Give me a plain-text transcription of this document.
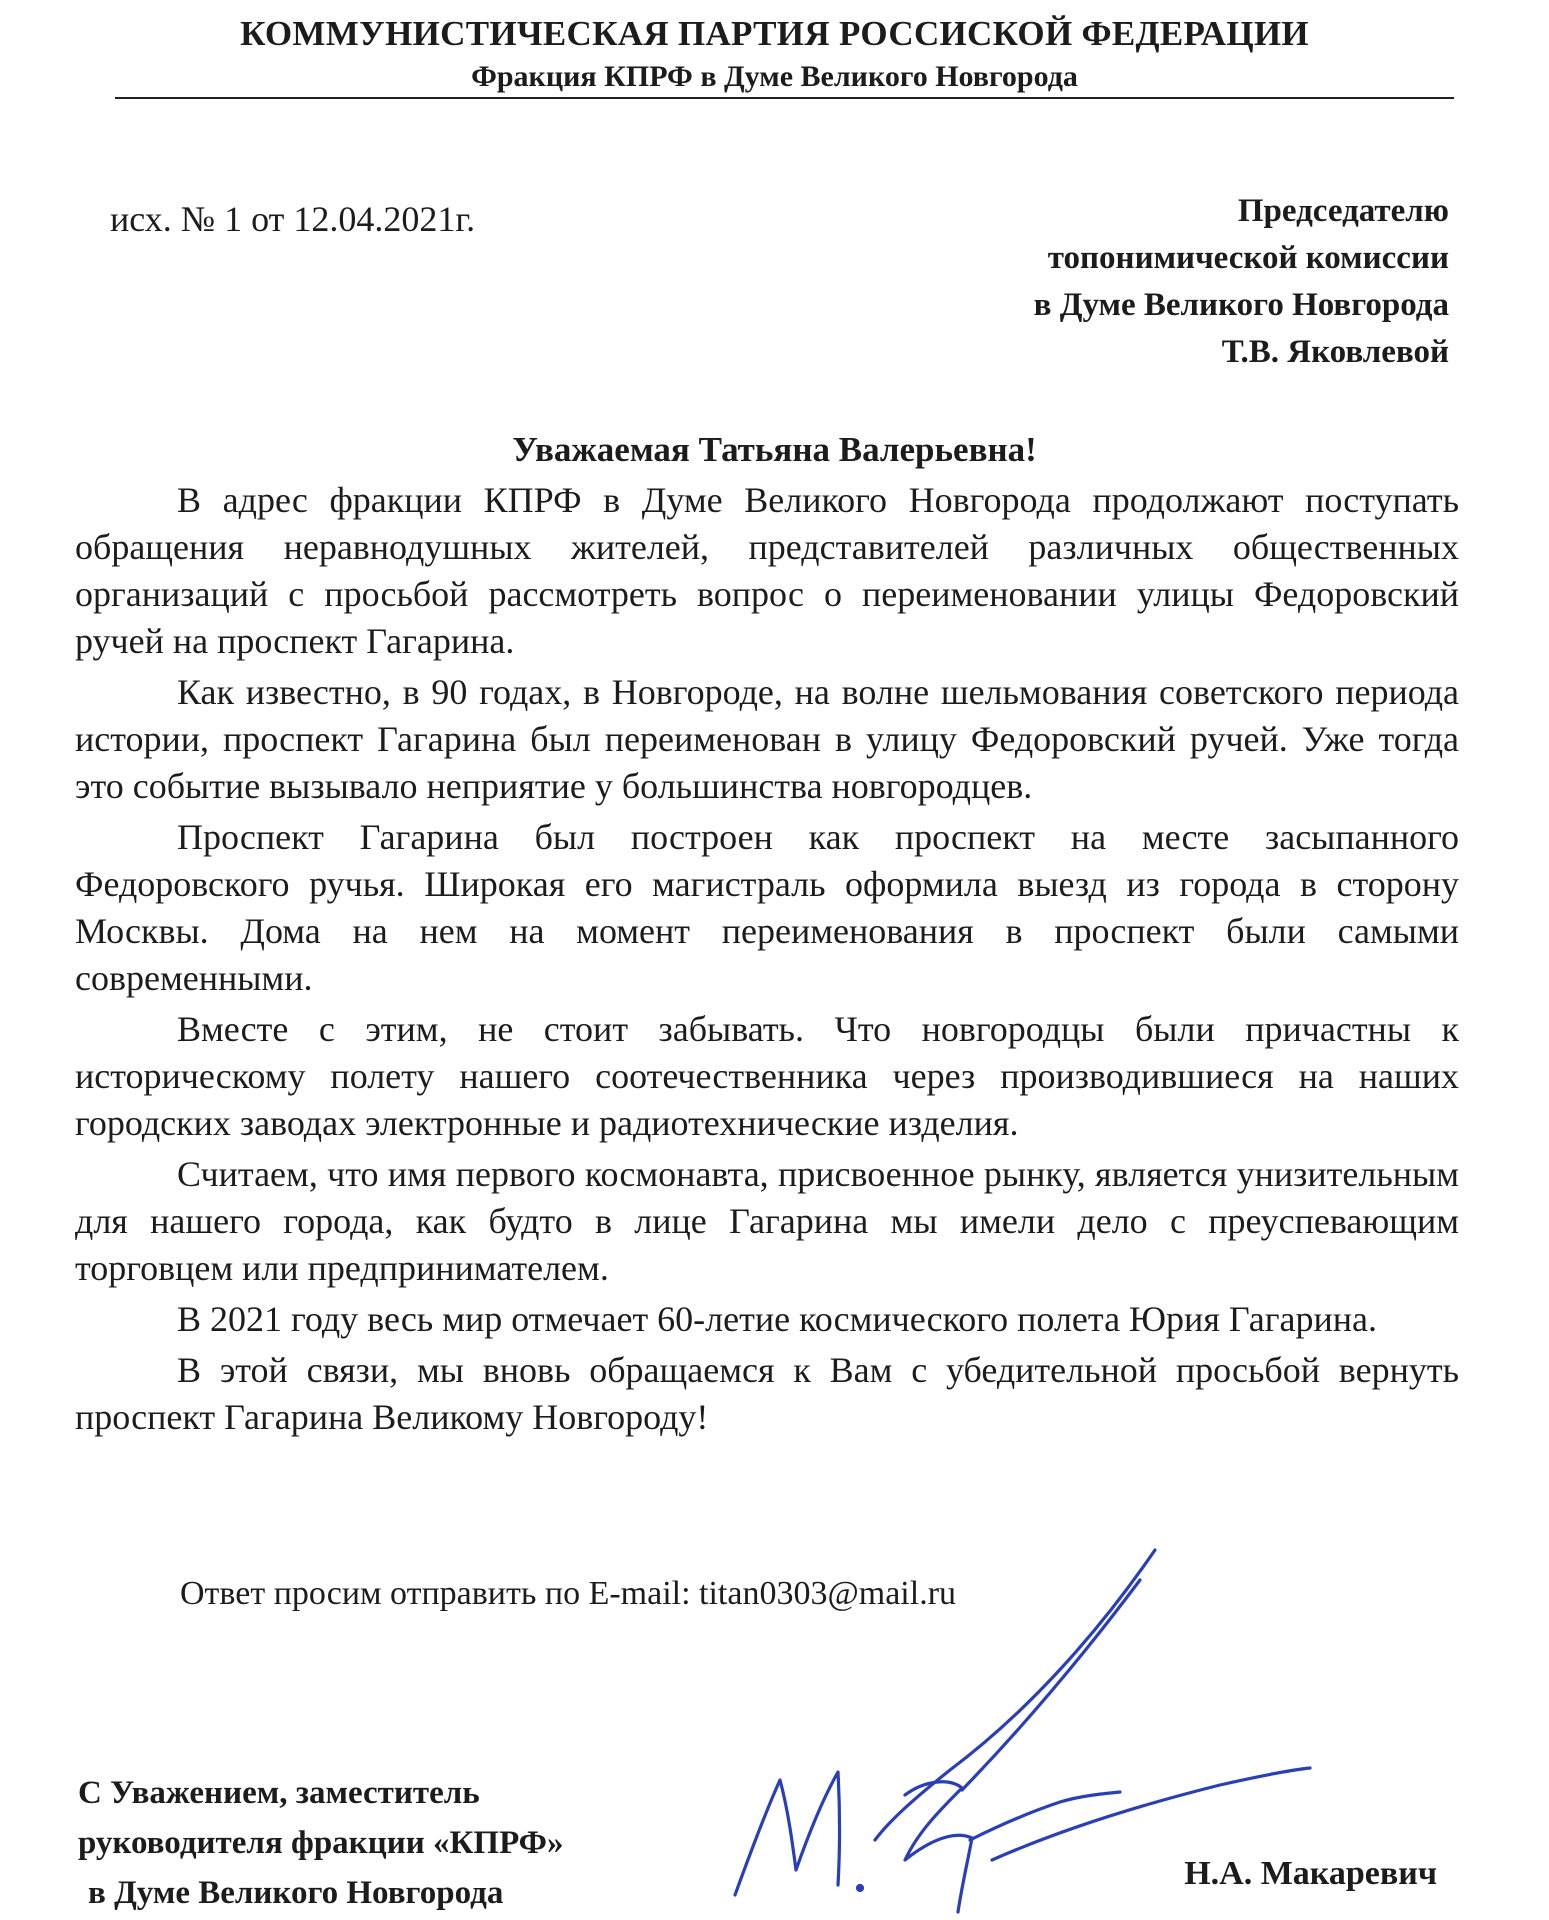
КОММУНИСТИЧЕСКАЯ ПАРТИЯ РОССИСКОЙ ФЕДЕРАЦИИ
Фракция КПРФ в Думе Великого Новгорода
исх. № 1 от 12.04.2021г.	Председателю
топонимической комиссии
в Думе Великого Новгорода
Т.В. Яковлевой
Уважаемая Татьяна Валерьевна!

В адрес фракции КПРФ в Думе Великого Новгорода продолжают поступать обращения неравнодушных жителей, представителей различных общественных организаций с просьбой рассмотреть вопрос о переименовании улицы Федоровский ручей на проспект Гагарина.

Как известно, в 90 годах, в Новгороде, на волне шельмования советского периода истории, проспект Гагарина был переименован в улицу Федоровский ручей. Уже тогда это событие вызывало неприятие у большинства новгородцев.

Проспект Гагарина был построен как проспект на месте засыпанного Федоровского ручья. Широкая его магистраль оформила выезд из города в сторону Москвы. Дома на нем на момент переименования в проспект были самыми современными.

Вместе с этим, не стоит забывать. Что новгородцы были причастны к историческому полету нашего соотечественника через производившиеся на наших городских заводах электронные и радиотехнические изделия.

Считаем, что имя первого космонавта, присвоенное рынку, является унизительным для нашего города, как будто в лице Гагарина мы имели дело с преуспевающим торговцем или предпринимателем.

В 2021 году весь мир отмечает 60-летие космического полета Юрия Гагарина.

В этой связи, мы вновь обращаемся к Вам с убедительной просьбой вернуть проспект Гагарина Великому Новгороду!

Ответ просим отправить по E-mail: titan0303@mail.ru
С Уважением, заместитель
руководителя фракции «КПРФ»
в Думе Великого Новгорода
Н.А. Макаревич
